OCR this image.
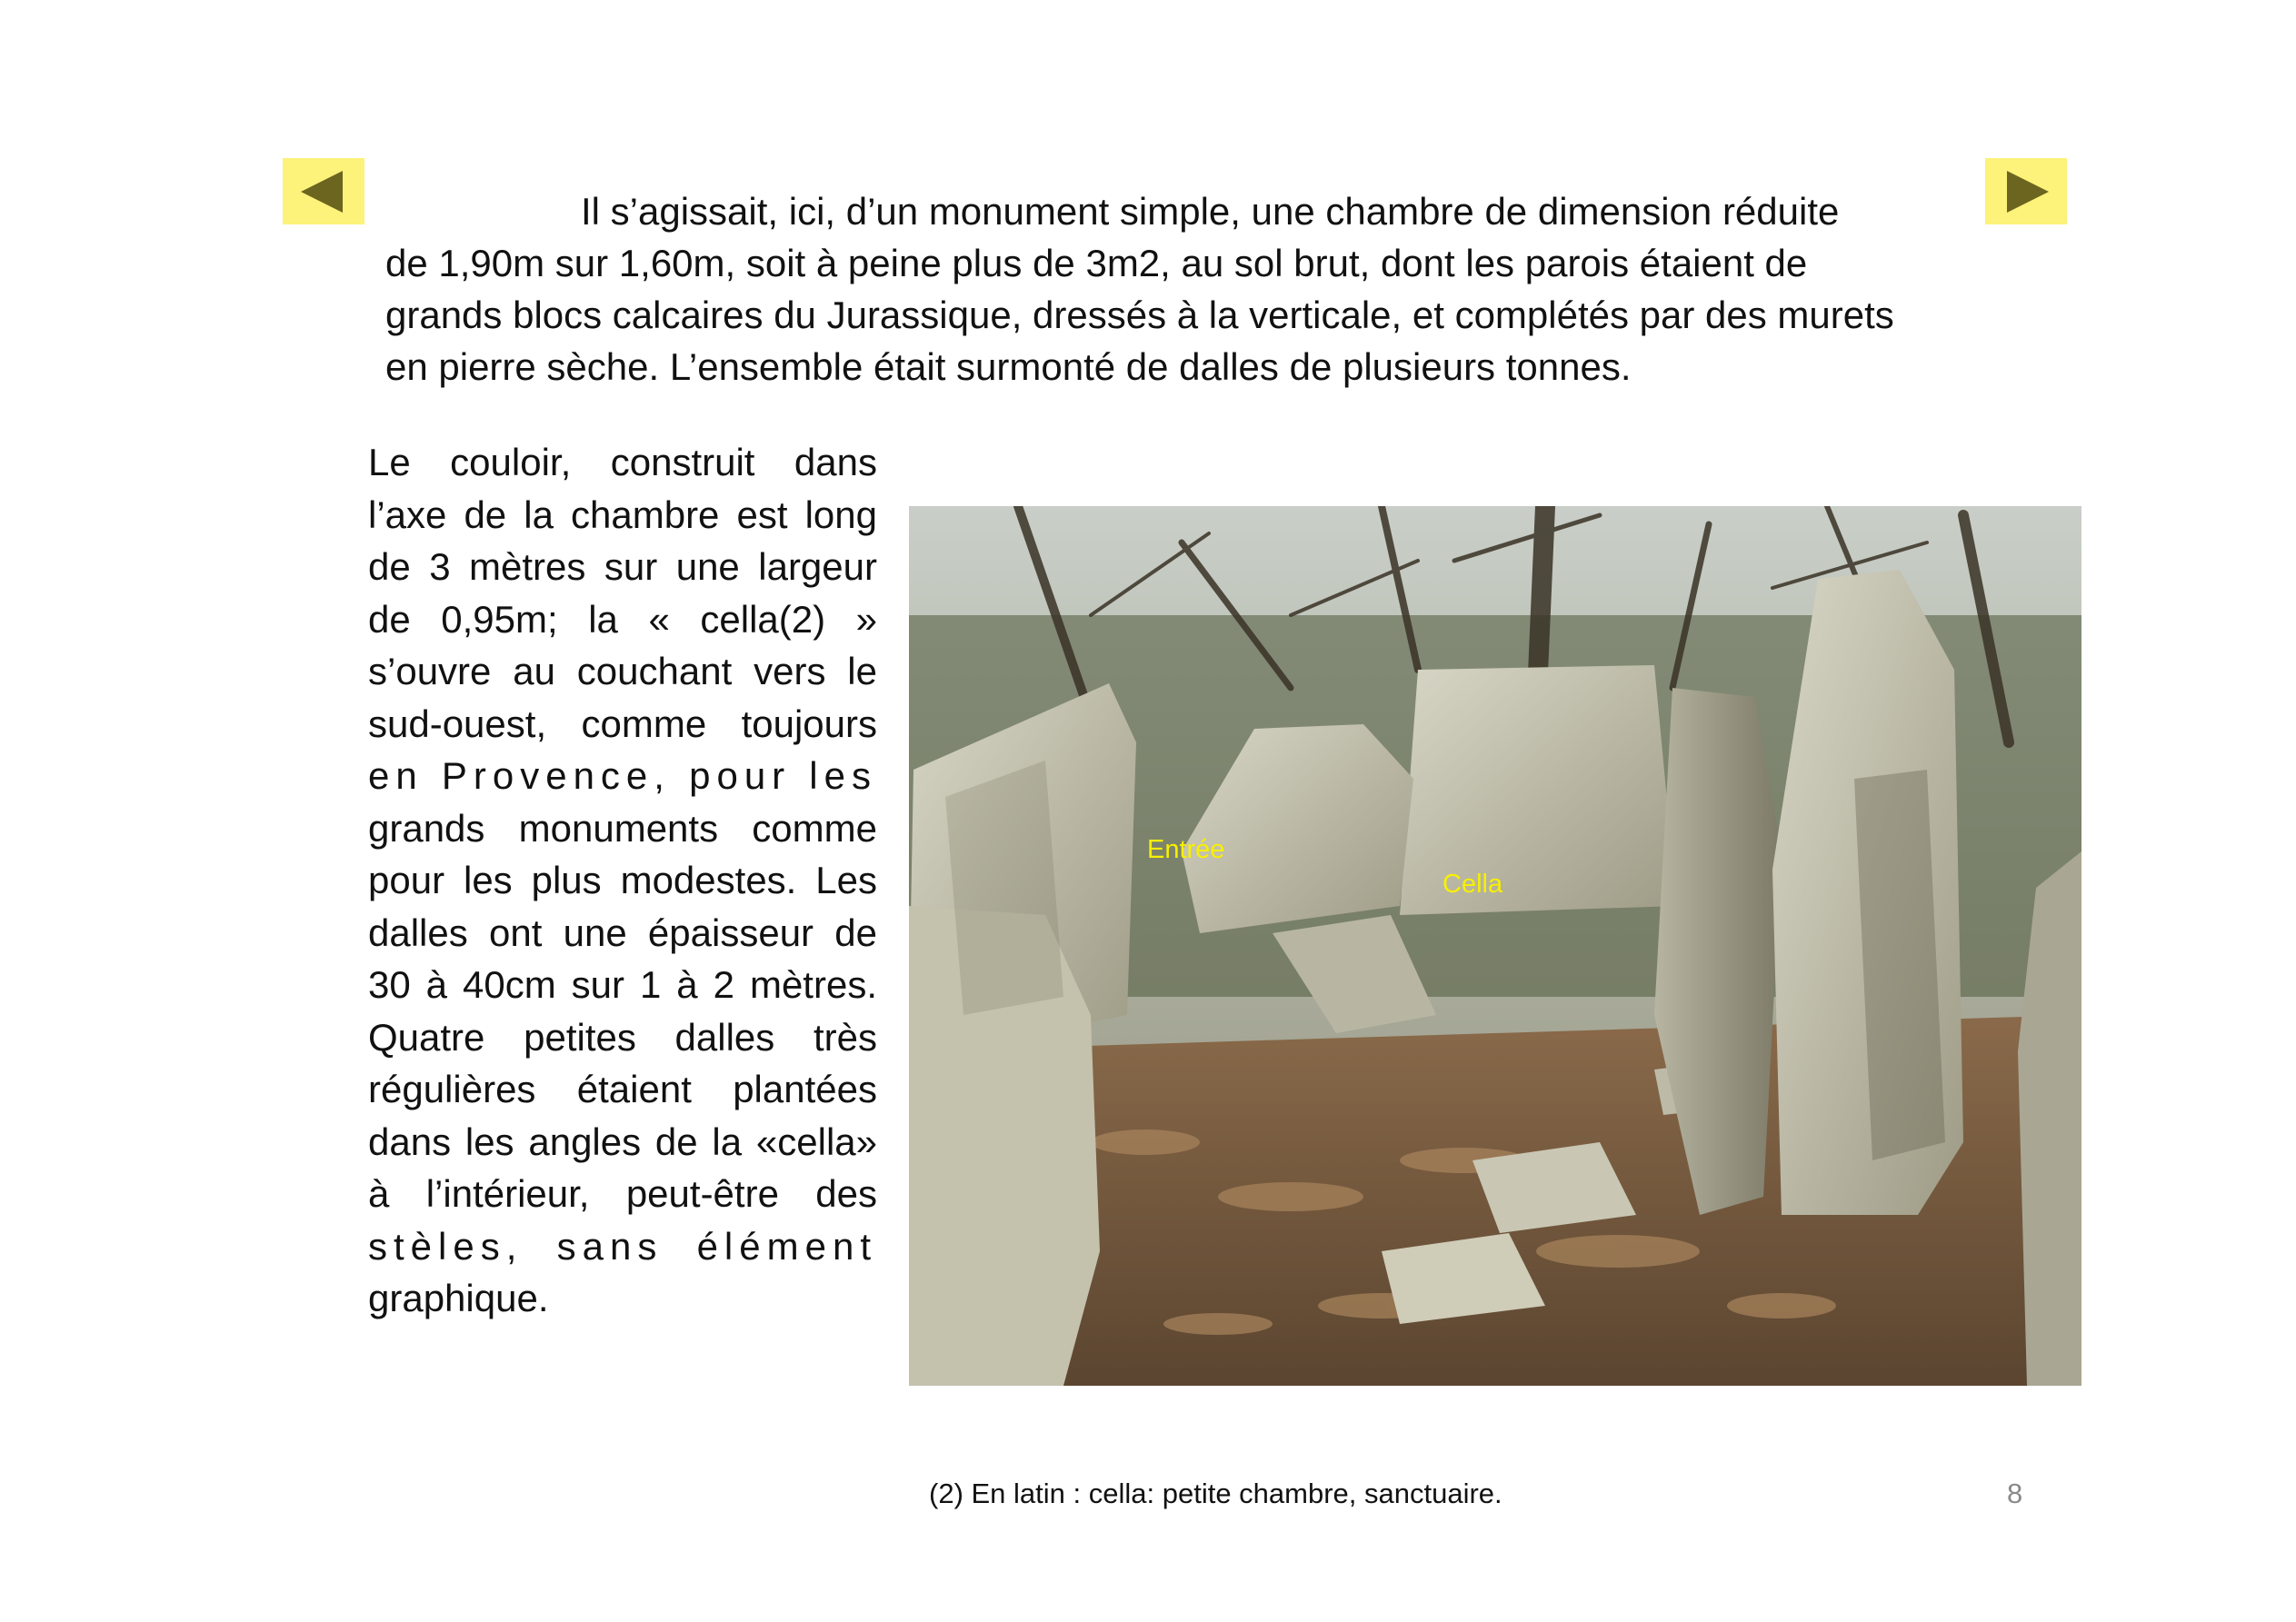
Il s’agissait, ici, d’un monument simple, une chambre de dimension réduite
de 1,90m sur 1,60m, soit à peine plus de 3m2, au sol brut, dont les parois étaient de
grands blocs calcaires du Jurassique, dressés à la verticale, et complétés par des murets
en pierre sèche. L’ensemble était surmonté de dalles de plusieurs tonnes.
Le couloir, construit dans
l’axe de la chambre est long
de 3 mètres sur une largeur
de 0,95m; la « cella(2) »
s’ouvre au couchant vers le
sud-ouest, comme toujours
en Provence, pour les
grands monuments comme
pour les plus modestes. Les
dalles ont une épaisseur de
30 à 40cm sur 1 à 2 mètres.
Quatre petites dalles très
régulières étaient plantées
dans les angles de la «cella»
à l’intérieur, peut-être des
stèles, sans élément
graphique.
Entrée
Cella
(2) En latin : cella: petite chambre, sanctuaire.	8
